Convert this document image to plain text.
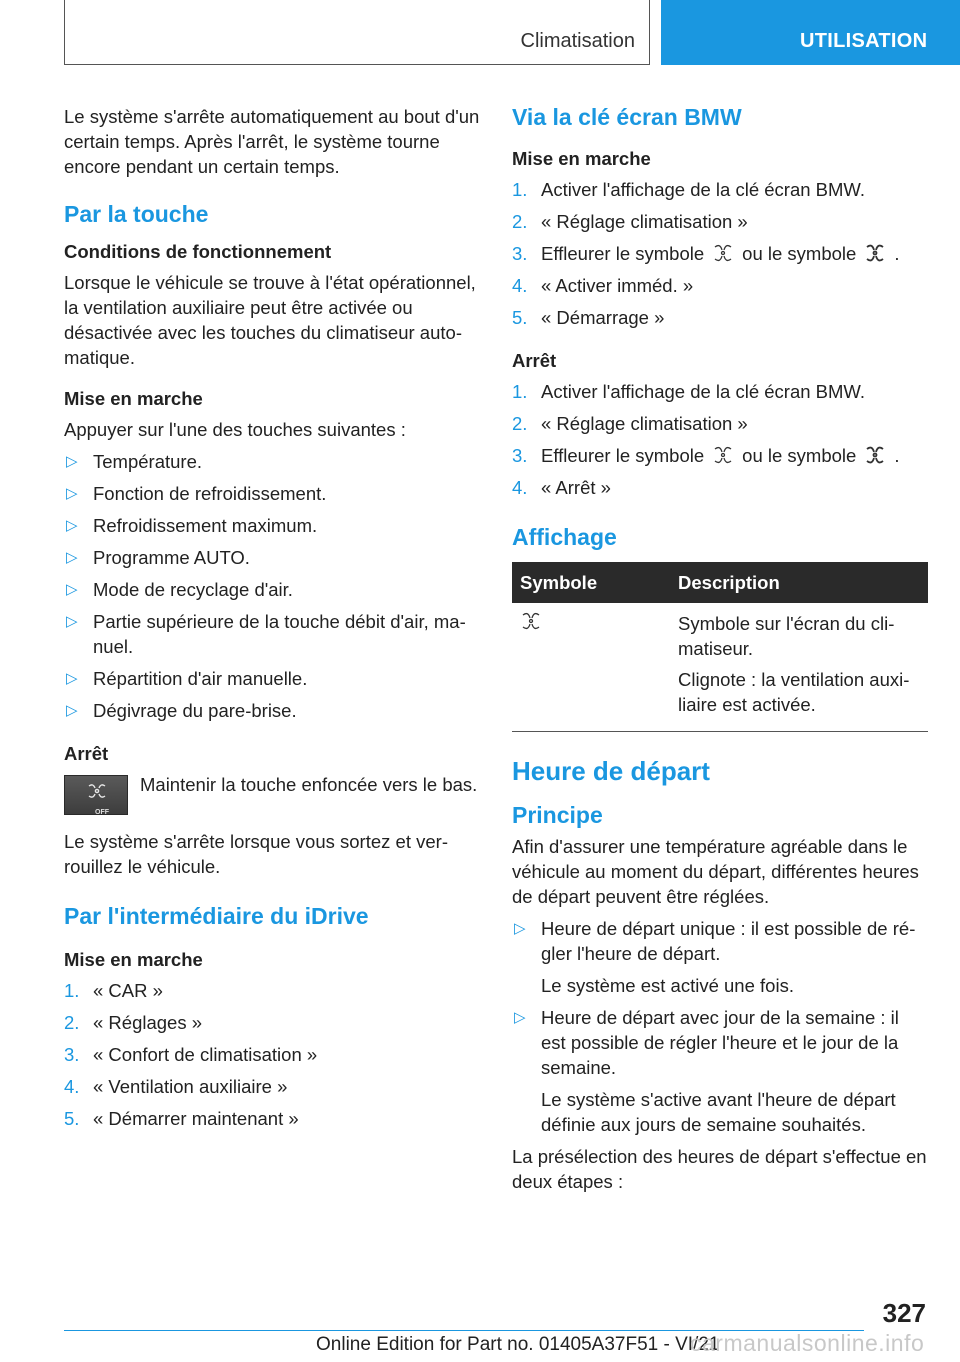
Climatisation	UTILISATION

Le système s'arrête automatiquement au bout d'un certain temps. Après l'arrêt, le système tourne encore pendant un certain temps.

Par la touche
Conditions de fonctionnement

Lorsque le véhicule se trouve à l'état opérationnel, la ventilation auxiliaire peut être activée ou désactivée avec les touches du climatiseur automatique.

Mise en marche

Appuyer sur l'une des touches suivantes :

▷ Température.
▷ Fonction de refroidissement.
▷ Refroidissement maximum.
▷ Programme AUTO.
▷ Mode de recyclage d'air.
▷ Partie supérieure de la touche débit d'air, manuel.
▷ Répartition d'air manuelle.
▷ Dégivrage du pare-brise.
Arrêt
OFF

Maintenir la touche enfoncée vers le bas.

Le système s'arrête lorsque vous sortez et verrouillez le véhicule.

Par l'intermédiaire du iDrive
Mise en marche
1. « CAR »
2. « Réglages »
3. « Confort de climatisation »
4. « Ventilation auxiliaire »
5. « Démarrer maintenant »
Via la clé écran BMW
Mise en marche
1. Activer l'affichage de la clé écran BMW.
2. « Réglage climatisation »
3. Effleurer le symbole ou le symbole .
4. « Activer imméd. »
5. « Démarrage »
Arrêt
1. Activer l'affichage de la clé écran BMW.
2. « Réglage climatisation »
3. Effleurer le symbole ou le symbole .
4. « Arrêt »
Affichage
Symbole	Description

Symbole sur l'écran du climatiseur.

Clignote : la ventilation auxiliaire est activée.

Heure de départ
Principe

Afin d'assurer une température agréable dans le véhicule au moment du départ, différentes heures de départ peuvent être réglées.

▷ Heure de départ unique : il est possible de régler l'heure de départ.

Le système est activé une fois.

▷ Heure de départ avec jour de la semaine : il est possible de régler l'heure et le jour de la semaine.

Le système s'active avant l'heure de départ définie aux jours de semaine souhaités.

La présélection des heures de départ s'effectue en deux étapes :

327
Online Edition for Part no. 01405A37F51 - VI/21
carmanualsonline.info
